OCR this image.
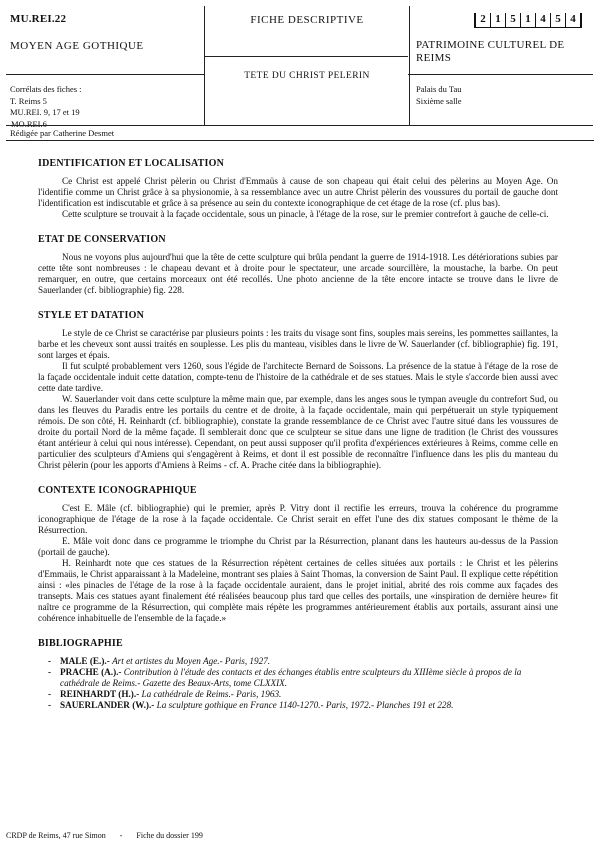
MU.REI.22
MOYEN AGE GOTHIQUE
Corrélats des fiches :
T. Reims 5
MU.REI. 9, 17 et 19
MO.REI.6
FICHE DESCRIPTIVE
TETE DU CHRIST PELERIN
2 1 5 1 4 5 4
PATRIMOINE CULTUREL DE
REIMS
Palais du Tau
Sixième salle
Rédigée par Catherine Desmet
IDENTIFICATION ET LOCALISATION

Ce Christ est appelé Christ pèlerin ou Christ d'Emmaüs à cause de son chapeau qui était celui des pèlerins au Moyen Age. On l'identifie comme un Christ grâce à sa physionomie, à sa ressemblance avec un autre Christ pèlerin des voussures du portail de gauche dont l'identification est indiscutable et grâce à sa présence au sein du contexte iconographique de cet étage de la rose (cf. plus bas).

Cette sculpture se trouvait à la façade occidentale, sous un pinacle, à l'étage de la rose, sur le premier contrefort à gauche de celle-ci.

ETAT DE CONSERVATION

Nous ne voyons plus aujourd'hui que la tête de cette sculpture qui brûla pendant la guerre de 1914-1918. Les détériorations subies par cette tête sont nombreuses : le chapeau devant et à droite pour le spectateur, une arcade sourcillère, la moustache, la barbe. On peut remarquer, en outre, que certains morceaux ont été recollés. Une photo ancienne de la tête encore intacte se trouve dans le livre de Sauerlander (cf. bibliographie) fig. 228.

STYLE ET DATATION

Le style de ce Christ se caractérise par plusieurs points : les traits du visage sont fins, souples mais sereins, les pommettes saillantes, la barbe et les cheveux sont aussi traités en souplesse. Les plis du manteau, visibles dans le livre de W. Sauerlander (cf. bibliographie) fig. 191, sont larges et épais.

Il fut sculpté probablement vers 1260, sous l'égide de l'architecte Bernard de Soissons. La présence de la statue à l'étage de la rose de la façade occidentale induit cette datation, compte-tenu de l'histoire de la cathédrale et de ses statues. Mais le style s'accorde bien aussi avec cette date tardive.

W. Sauerlander voit dans cette sculpture la même main que, par exemple, dans les anges sous le tympan aveugle du contrefort Sud, ou dans les fleuves du Paradis entre les portails du centre et de droite, à la façade occidentale, main qui perpétuerait un style typiquement rémois. De son côté, H. Reinhardt (cf. bibliographie), constate la grande ressemblance de ce Christ avec l'autre situé dans les voussures de droite du portail Nord de la même façade. Il semblerait donc que ce sculpteur se situe dans une ligne de tradition (le Christ des voussures étant antérieur à celui qui nous intéresse). Cependant, on peut aussi supposer qu'il profita d'expériences extérieures à Reims, comme celle en particulier des sculpteurs d'Amiens qui s'engagèrent à Reims, et dont il est possible de reconnaître l'influence dans les plis du manteau du Christ pèlerin (pour les apports d'Amiens à Reims - cf. A. Prache citée dans la bibliographie).

CONTEXTE ICONOGRAPHIQUE

C'est E. Mâle (cf. bibliographie) qui le premier, après P. Vitry dont il rectifie les erreurs, trouva la cohérence du programme iconographique de l'étage de la rose à la façade occidentale. Ce Christ serait en effet l'une des dix statues composant le thème de la Résurrection.

E. Mâle voit donc dans ce programme le triomphe du Christ par la Résurrection, planant dans les hauteurs au-dessus de la Passion (portail de gauche).

H. Reinhardt note que ces statues de la Résurrection répètent certaines de celles situées aux portails : le Christ et les pèlerins d'Emmaüs, le Christ apparaissant à la Madeleine, montrant ses plaies à Saint Thomas, la conversion de Saint Paul. Il explique cette répétition ainsi : «les pinacles de l'étage de la rose à la façade occidentale auraient, dans le projet initial, abrité des rois comme aux façades des transepts. Mais ces statues ayant finalement été réalisées beaucoup plus tard que celles des portails, une «inspiration de dernière heure» fit naître ce programme de la Résurrection, qui complète mais répète les programmes antérieurement établis aux portails, assurant ainsi une cohérence inhabituelle de l'ensemble de la façade.»

BIBLIOGRAPHIE
- MALE (E.).- Art et artistes du Moyen Age.- Paris, 1927.
- PRACHE (A.).- Contribution à l'étude des contacts et des échanges établis entre sculpteurs du XIIIème siècle à propos de la cathédrale de Reims.- Gazette des Beaux-Arts, tome CLXXIX.
- REINHARDT (H.).- La cathédrale de Reims.- Paris, 1963.
- SAUERLANDER (W.).- La sculpture gothique en France 1140-1270.- Paris, 1972.- Planches 191 et 228.
CRDP de Reims, 47 rue Simon - Fiche du dossier 199
